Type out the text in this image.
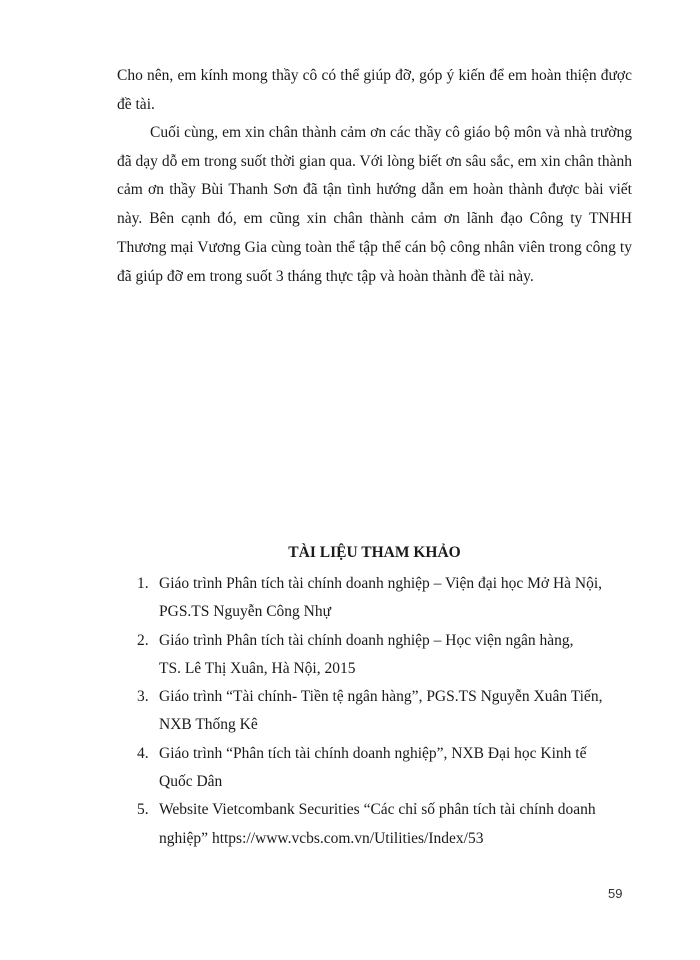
Cho nên, em kính mong thầy cô có thể giúp đỡ, góp ý kiến để em hoàn thiện được đề tài.

Cuối cùng, em xin chân thành cảm ơn các thầy cô giáo bộ môn và nhà trường đã dạy dỗ em trong suốt thời gian qua. Với lòng biết ơn sâu sắc, em xin chân thành cảm ơn thầy Bùi Thanh Sơn đã tận tình hướng dẫn em hoàn thành được bài viết này. Bên cạnh đó, em cũng xin chân thành cảm ơn lãnh đạo Công ty TNHH Thương mại Vương Gia cùng toàn thể tập thể cán bộ công nhân viên trong công ty đã giúp đỡ em trong suốt 3 tháng thực tập và hoàn thành đề tài này.

TÀI LIỆU THAM KHẢO
1. Giáo trình Phân tích tài chính doanh nghiệp – Viện đại học Mở Hà Nội,
PGS.TS Nguyễn Công Nhự
2. Giáo trình Phân tích tài chính doanh nghiệp – Học viện ngân hàng,
TS. Lê Thị Xuân, Hà Nội, 2015
3. Giáo trình “Tài chính- Tiền tệ ngân hàng”, PGS.TS Nguyễn Xuân Tiến,
NXB Thống Kê
4. Giáo trình “Phân tích tài chính doanh nghiệp”, NXB Đại học Kinh tế
Quốc Dân
5. Website Vietcombank Securities “Các chỉ số phân tích tài chính doanh
nghiệp” https://www.vcbs.com.vn/Utilities/Index/53
59
